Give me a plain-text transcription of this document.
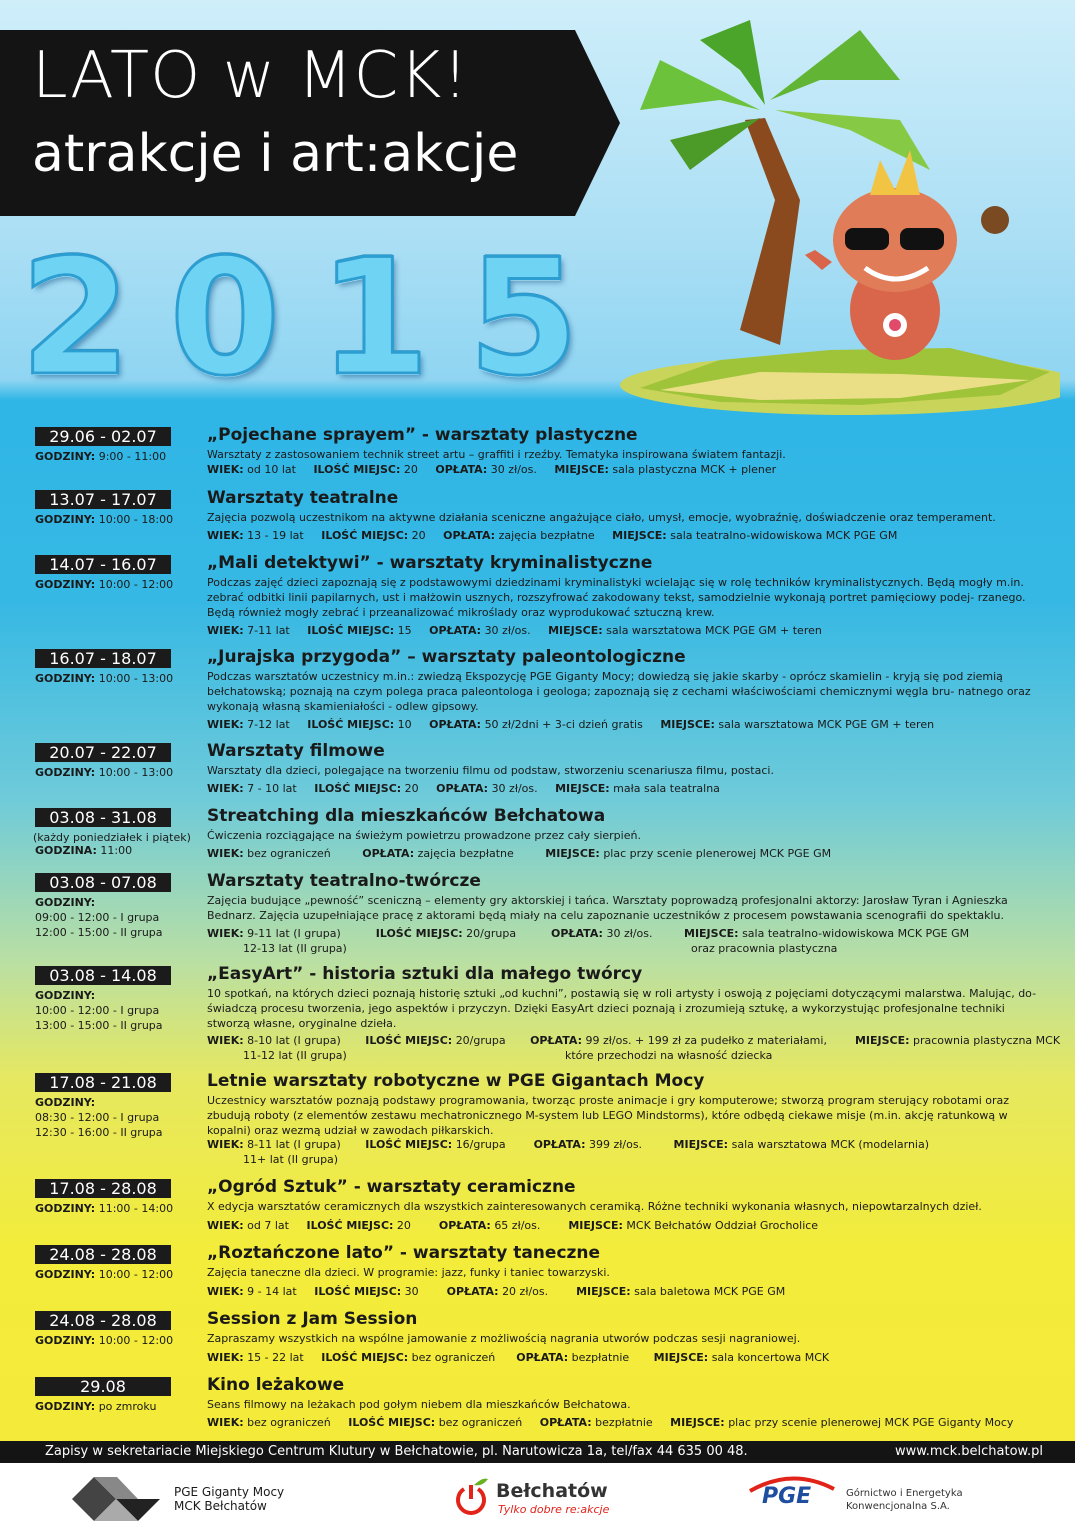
LATO w MCK!
atrakcje i art:akcje
2015
29.06 - 02.07
GODZINY: 9:00 - 11:00
„Pojechane sprayem” - warsztaty plastyczne
Warsztaty z zastosowaniem technik street artu – graffiti i rzeźby. Tematyka inspirowana światem fantazji.
WIEK: od 10 lat ILOŚĆ MIEJSC: 20 OPŁATA: 30 zł/os. MIEJSCE: sala plastyczna MCK + plener
13.07 - 17.07
GODZINY: 10:00 - 18:00
Warsztaty teatralne
Zajęcia pozwolą uczestnikom na aktywne działania sceniczne angażujące ciało, umysł, emocje, wyobraźnię, doświadczenie oraz temperament.
WIEK: 13 - 19 lat ILOŚĆ MIEJSC: 20 OPŁATA: zajęcia bezpłatne MIEJSCE: sala teatralno-widowiskowa MCK PGE GM
14.07 - 16.07
GODZINY: 10:00 - 12:00
„Mali detektywi” - warsztaty kryminalistyczne
Podczas zajęć dzieci zapoznają się z podstawowymi dziedzinami kryminalistyki wcielając się w rolę techników kryminalistycznych. Będą mogły m.in. zebrać odbitki linii papilarnych, ust i małżowin usznych, rozszyfrować zakodowany tekst, samodzielnie wykonają portret pamięciowy podej- rzanego. Będą również mogły zebrać i przeanalizować mikroślady oraz wyprodukować sztuczną krew.
WIEK: 7-11 lat ILOŚĆ MIEJSC: 15 OPŁATA: 30 zł/os. MIEJSCE: sala warsztatowa MCK PGE GM + teren
16.07 - 18.07
GODZINY: 10:00 - 13:00
„Jurajska przygoda” – warsztaty paleontologiczne
Podczas warsztatów uczestnicy m.in.: zwiedzą Ekspozycję PGE Giganty Mocy; dowiedzą się jakie skarby - oprócz skamielin - kryją się pod ziemią bełchatowską; poznają na czym polega praca paleontologa i geologa; zapoznają się z cechami właściwościami chemicznymi węgla bru- natnego oraz wykonają własną skamieniałości - odlew gipsowy.
WIEK: 7-12 lat ILOŚĆ MIEJSC: 10 OPŁATA: 50 zł/2dni + 3-ci dzień gratis MIEJSCE: sala warsztatowa MCK PGE GM + teren
20.07 - 22.07
GODZINY: 10:00 - 13:00
Warsztaty filmowe
Warsztaty dla dzieci, polegające na tworzeniu filmu od podstaw, stworzeniu scenariusza filmu, postaci.
WIEK: 7 - 10 lat ILOŚĆ MIEJSC: 20 OPŁATA: 30 zł/os. MIEJSCE: mała sala teatralna
03.08 - 31.08
(każdy poniedziałek i piątek)
GODZINA: 11:00
Streatching dla mieszkańców Bełchatowa
Ćwiczenia rozciągające na świeżym powietrzu prowadzone przez cały sierpień.
WIEK: bez ograniczeń	OPŁATA: zajęcia bezpłatne	MIEJSCE: plac przy scenie plenerowej MCK PGE GM
03.08 - 07.08
GODZINY:
09:00 - 12:00 - I grupa
12:00 - 15:00 - II grupa
Warsztaty teatralno-twórcze
Zajęcia budujące „pewność” sceniczną – elementy gry aktorskiej i tańca. Warsztaty poprowadzą profesjonalni aktorzy: Jarosław Tyran i Agnieszka Bednarz. Zajęcia uzupełniające pracę z aktorami będą miały na celu zapoznanie uczestników z procesem powstawania scenografii do spektaklu.
WIEK: 9-11 lat (I grupa)	ILOŚĆ MIEJSC: 20/grupa	OPŁATA: 30 zł/os.	MIEJSCE: sala teatralno-widowiskowa MCK PGE GM
12-13 lat (II grupa)	oraz pracownia plastyczna
03.08 - 14.08
GODZINY:
10:00 - 12:00 - I grupa
13:00 - 15:00 - II grupa
„EasyArt” - historia sztuki dla małego twórcy
10 spotkań, na których dzieci poznają historię sztuki „od kuchni”, postawią się w roli artysty i oswoją z pojęciami dotyczącymi malarstwa. Malując, do- świadczą procesu tworzenia, jego aspektów i przyczyn. Dzięki EasyArt dzieci poznają i zrozumieją sztukę, a wykorzystując profesjonalne techniki stworzą własne, oryginalne dzieła.
WIEK: 8-10 lat (I grupa) ILOŚĆ MIEJSC: 20/grupa OPŁATA: 99 zł/os. + 199 zł za pudełko z materiałami,	MIEJSCE: pracownia plastyczna MCK
11-12 lat (II grupa)	które przechodzi na własność dziecka
17.08 - 21.08
GODZINY:
08:30 - 12:00 - I grupa
12:30 - 16:00 - II grupa
Letnie warsztaty robotyczne w PGE Gigantach Mocy
Uczestnicy warsztatów poznają podstawy programowania, tworząc proste animacje i gry komputerowe; stworzą program sterujący robotami oraz zbudują roboty (z elementów zestawu mechatronicznego M-system lub LEGO Mindstorms), które odbędą ciekawe misje (m.in. akcję ratunkową w kopalni) oraz wezmą udział w zawodach piłkarskich.
WIEK: 8-11 lat (I grupa) ILOŚĆ MIEJSC: 16/grupa	OPŁATA: 399 zł/os.	MIEJSCE: sala warsztatowa MCK (modelarnia)
11+ lat (II grupa)
17.08 - 28.08
GODZINY: 11:00 - 14:00
„Ogród Sztuk” - warsztaty ceramiczne
X edycja warsztatów ceramicznych dla wszystkich zainteresowanych ceramiką. Różne techniki wykonania własnych, niepowtarzalnych dzieł.
WIEK: od 7 lat ILOŚĆ MIEJSC: 20	OPŁATA: 65 zł/os.	MIEJSCE: MCK Bełchatów Oddział Grocholice
24.08 - 28.08
GODZINY: 10:00 - 12:00
„Roztańczone lato” - warsztaty taneczne
Zajęcia taneczne dla dzieci. W programie: jazz, funky i taniec towarzyski.
WIEK: 9 - 14 lat ILOŚĆ MIEJSC: 30	OPŁATA: 20 zł/os.	MIEJSCE: sala baletowa MCK PGE GM
24.08 - 28.08
GODZINY: 10:00 - 12:00
Session z Jam Session
Zapraszamy wszystkich na wspólne jamowanie z możliwością nagrania utworów podczas sesji nagraniowej.
WIEK: 15 - 22 lat ILOŚĆ MIEJSC: bez ograniczeń OPŁATA: bezpłatnie MIEJSCE: sala koncertowa MCK
29.08
GODZINY: po zmroku
Kino leżakowe
Seans filmowy na leżakach pod gołym niebem dla mieszkańców Bełchatowa.
WIEK: bez ograniczeń ILOŚĆ MIEJSC: bez ograniczeń OPŁATA: bezpłatnie MIEJSCE: plac przy scenie plenerowej MCK PGE Giganty Mocy
Zapisy w sekretariacie Miejskiego Centrum Klutury w Bełchatowie, pl. Narutowicza 1a, tel/fax 44 635 00 48.	www.mck.belchatow.pl
PGE Giganty Mocy
MCK Bełchatów
Bełchatów
Tylko dobre re:akcje
PGE	Górnictwo i Energetyka
Konwencjonalna S.A.
